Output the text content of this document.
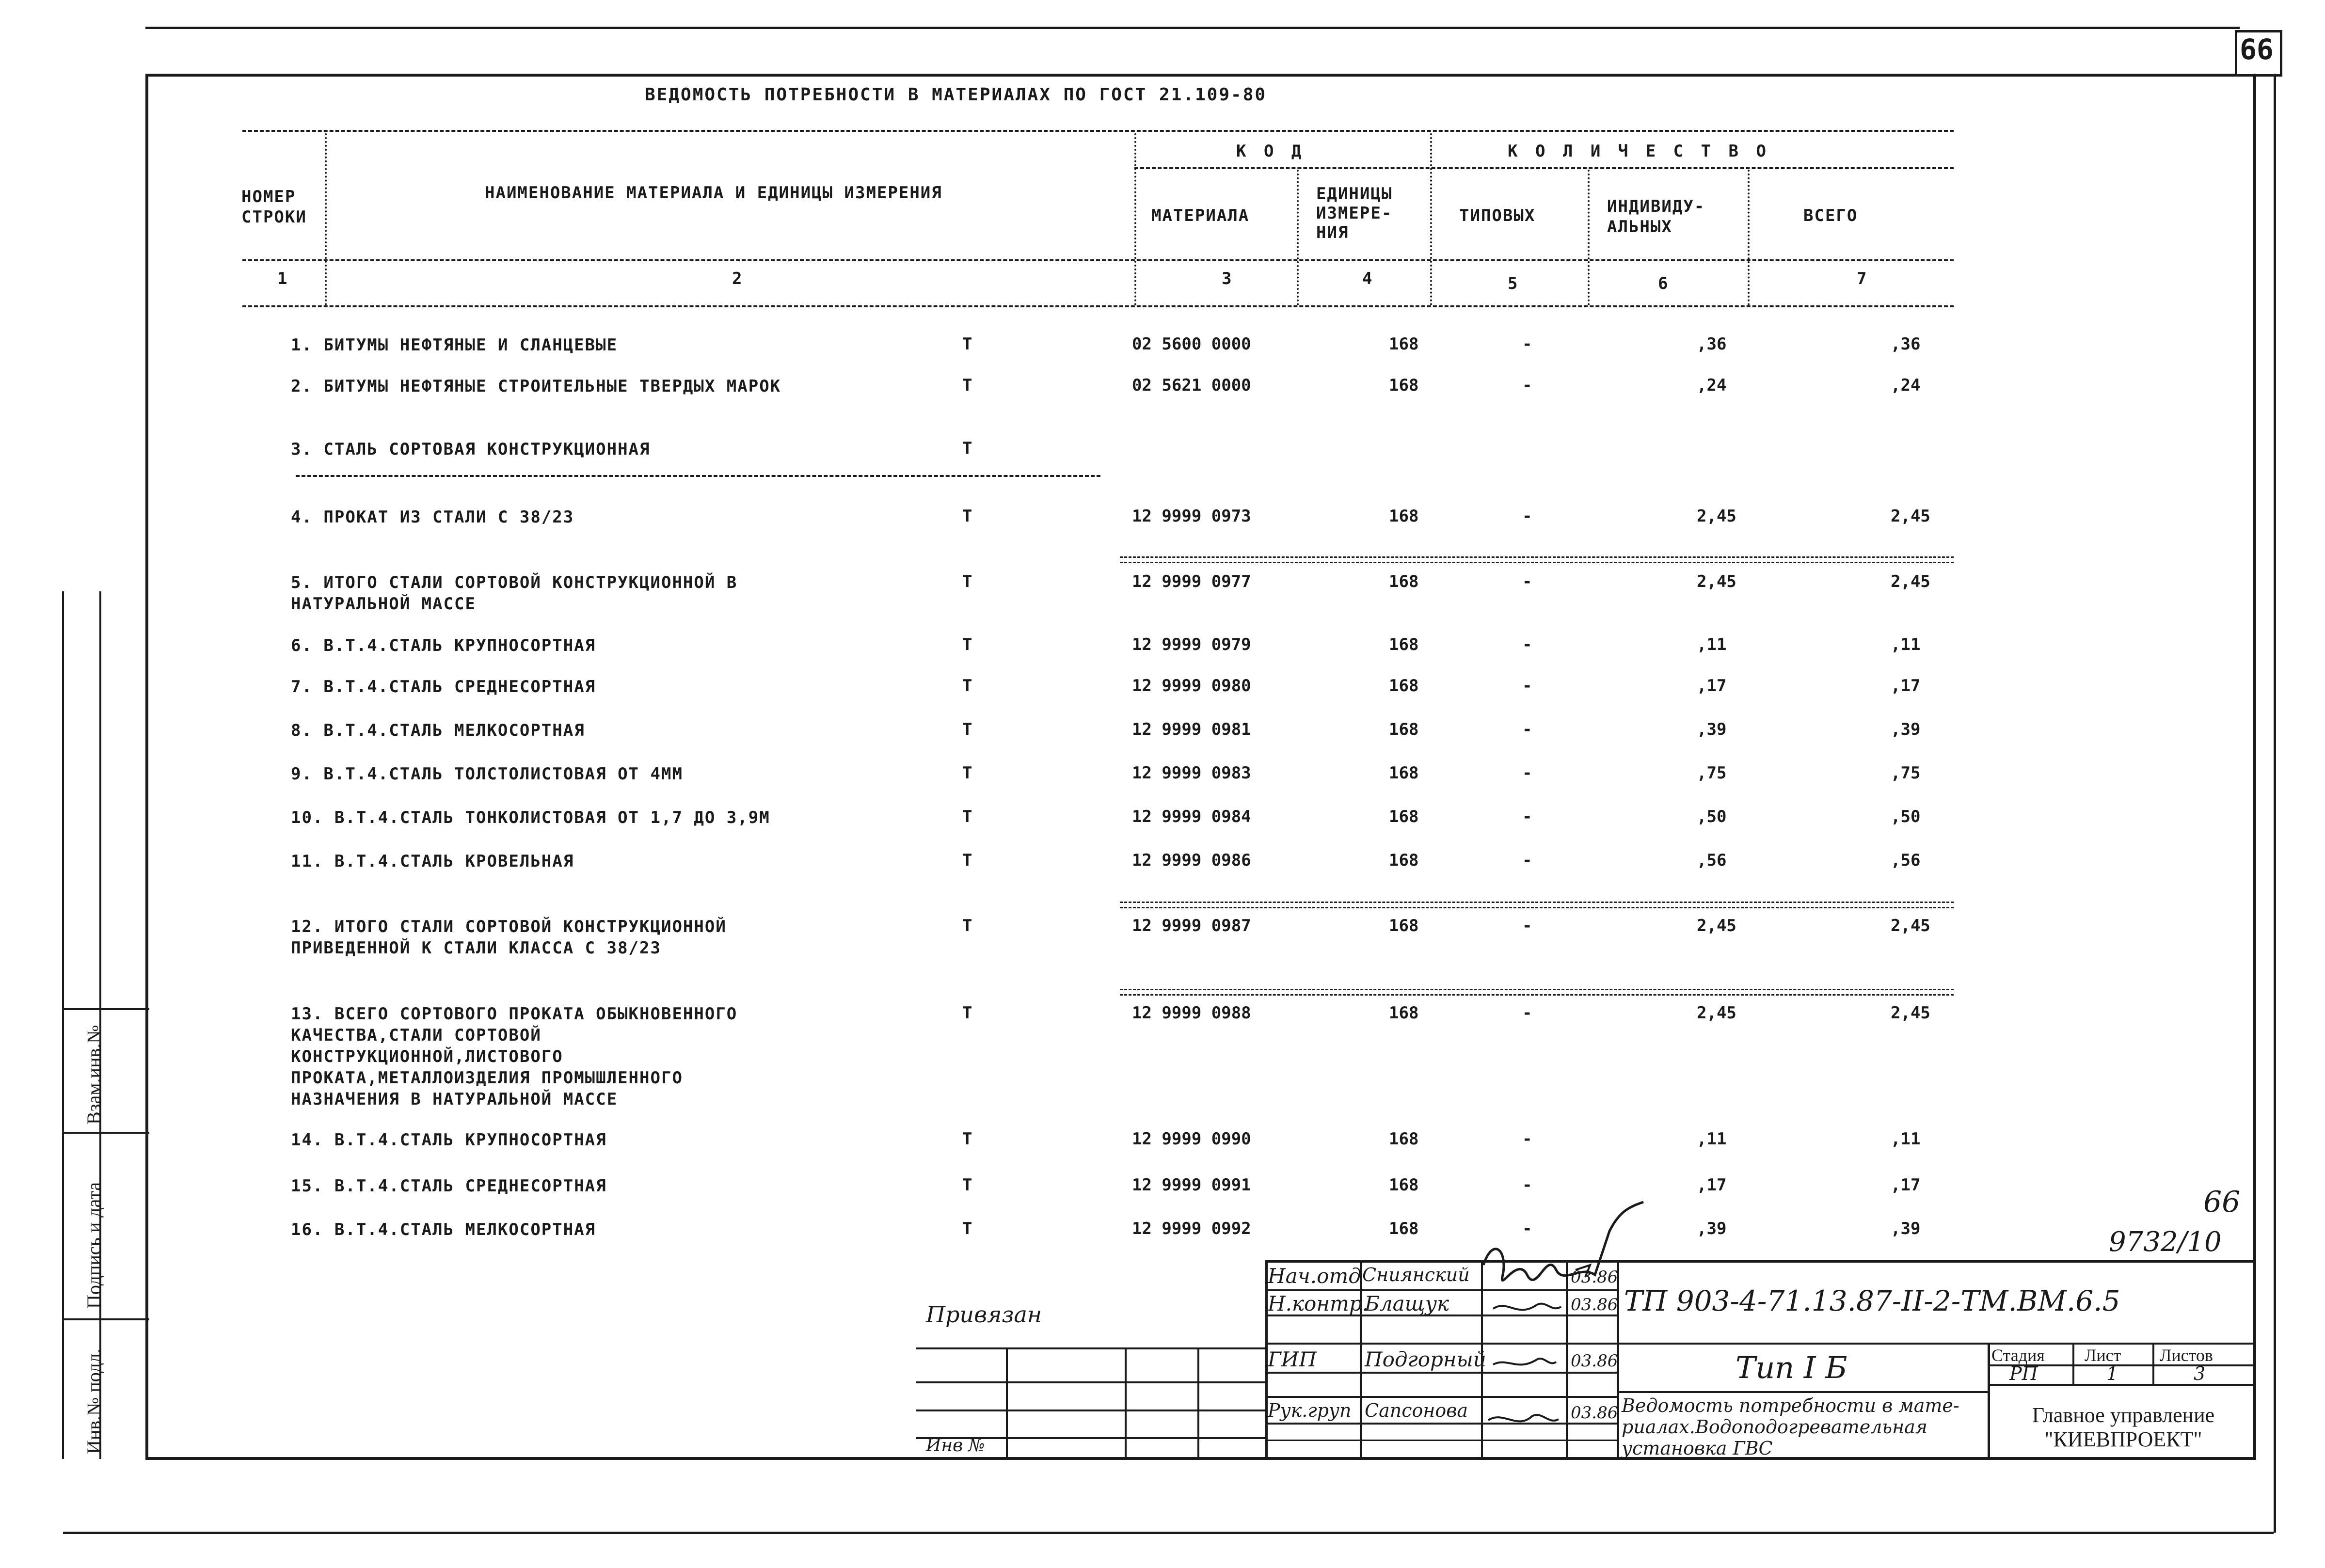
66
Взам.инв.№
Подпись и дата
Инв.№ подл.
ВЕДОМОСТЬ ПОТРЕБНОСТИ В МАТЕРИАЛАХ ПО ГОСТ 21.109-80
НОМЕР
СТРОКИ
НАИМЕНОВАНИЕ МАТЕРИАЛА И ЕДИНИЦЫ ИЗМЕРЕНИЯ
К О Д
МАТЕРИАЛА
ЕДИНИЦЫ
ИЗМЕРЕ-
НИЯ
К О Л И Ч Е С Т В О
ТИПОВЫХ	ИНДИВИДУ-
АЛЬНЫХ
ВСЕГО
1	2	3	4	5	6	7
1. БИТУМЫ НЕФТЯНЫЕ И СЛАНЦЕВЫЕ	Т	02 5600 0000	168	-	,36	,36
2. БИТУМЫ НЕФТЯНЫЕ СТРОИТЕЛЬНЫЕ ТВЕРДЫХ МАРОК	Т	02 5621 0000	168	-	,24	,24
3. СТАЛЬ СОРТОВАЯ КОНСТРУКЦИОННАЯ	Т
4. ПРОКАТ ИЗ СТАЛИ С 38/23	Т	12 9999 0973	168	-	2,45	2,45
5. ИТОГО СТАЛИ СОРТОВОЙ КОНСТРУКЦИОННОЙ В
НАТУРАЛЬНОЙ МАССЕ
Т	12 9999 0977	168	-	2,45	2,45
6. В.Т.4.СТАЛЬ КРУПНОСОРТНАЯ	Т	12 9999 0979	168	-	,11	,11
7. В.Т.4.СТАЛЬ СРЕДНЕСОРТНАЯ	Т	12 9999 0980	168	-	,17	,17
8. В.Т.4.СТАЛЬ МЕЛКОСОРТНАЯ	Т	12 9999 0981	168	-	,39	,39
9. В.Т.4.СТАЛЬ ТОЛСТОЛИСТОВАЯ ОТ 4ММ	Т	12 9999 0983	168	-	,75	,75
10. В.Т.4.СТАЛЬ ТОНКОЛИСТОВАЯ ОТ 1,7 ДО 3,9М	Т	12 9999 0984	168	-	,50	,50
11. В.Т.4.СТАЛЬ КРОВЕЛЬНАЯ	Т	12 9999 0986	168	-	,56	,56
12. ИТОГО СТАЛИ СОРТОВОЙ КОНСТРУКЦИОННОЙ
ПРИВЕДЕННОЙ К СТАЛИ КЛАССА С 38/23
Т	12 9999 0987	168	-	2,45	2,45
13. ВСЕГО СОРТОВОГО ПРОКАТА ОБЫКНОВЕННОГО
КАЧЕСТВА,СТАЛИ СОРТОВОЙ
КОНСТРУКЦИОННОЙ,ЛИСТОВОГО
ПРОКАТА,МЕТАЛЛОИЗДЕЛИЯ ПРОМЫШЛЕННОГО
НАЗНАЧЕНИЯ В НАТУРАЛЬНОЙ МАССЕ
Т	12 9999 0988	168	-	2,45	2,45
14. В.Т.4.СТАЛЬ КРУПНОСОРТНАЯ	Т	12 9999 0990	168	-	,11	,11
15. В.Т.4.СТАЛЬ СРЕДНЕСОРТНАЯ	Т	12 9999 0991	168	-	,17	,17
16. В.Т.4.СТАЛЬ МЕЛКОСОРТНАЯ	Т	12 9999 0992	168	-	,39	,39
66
9732/10
Привязан
Инв №
Нач.отд Сниянский	03.86
Н.контр.
Блащук	03.86
ГИП Подгорный	03.86
Рук.груп Сапсонова	03.86
ТП 903-4-71.13.87-II-2-ТМ.ВМ.6.5
Тип I Б
Ведомость потребности в мате-
риалах.Водоподогревательная
установка ГВС
Стадия Лист Листов
РП	1	3
Главное управление
"КИЕВПРОЕКТ"
